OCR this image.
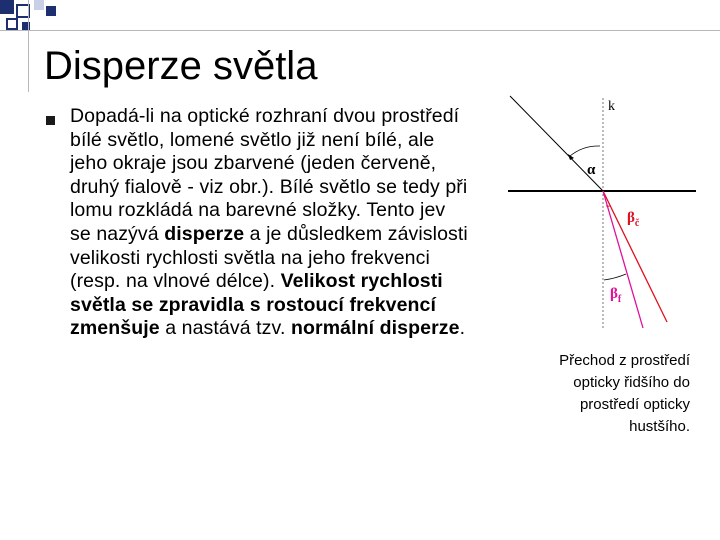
Disperze světla

Dopadá-li na optické rozhraní dvou prostředí bílé světlo, lomené světlo již není bílé, ale jeho okraje jsou zbarvené (jeden červeně, druhý fialově - viz obr.). Bílé světlo se tedy při lomu rozkládá na barevné složky. Tento jev se nazývá disperze a je důsledkem závislosti velikosti rychlosti světla na jeho frekvenci (resp. na vlnové délce). Velikost rychlosti světla se zpravidla s rostoucí frekvencí zmenšuje a nastává tzv. normální disperze.

k
α
$\beta_č$
$\beta_f$
Přechod z prostředí
opticky řidšího do
prostředí opticky
hustšího.
